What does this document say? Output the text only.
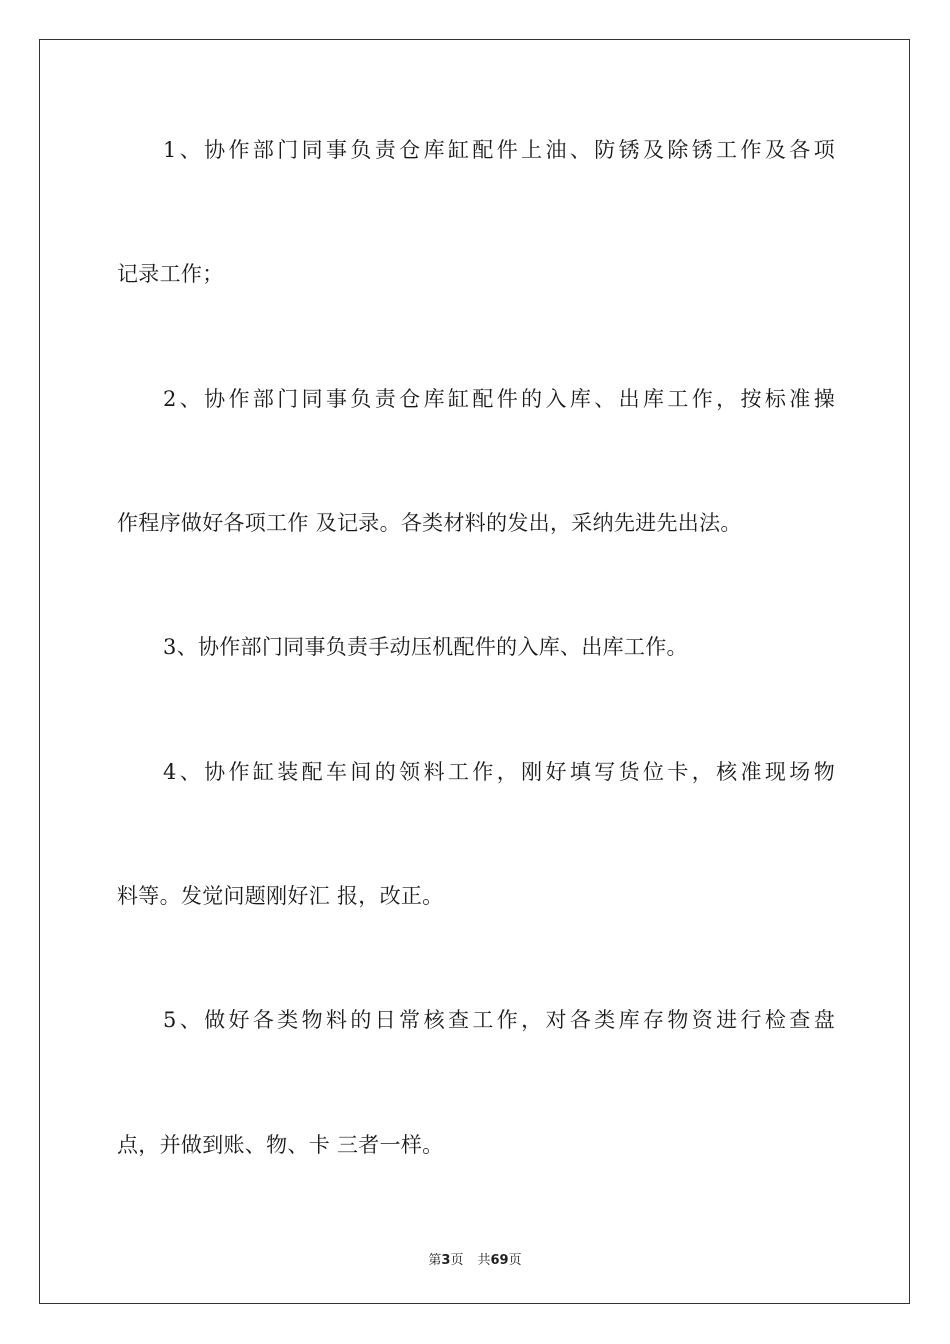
1、协作部门同事负责仓库缸配件上油、防锈及除锈工作及各项
记录工作；
2、协作部门同事负责仓库缸配件的入库、出库工作，按标准操
作程序做好各项工作 及记录。各类材料的发出，采纳先进先出法。
3、协作部门同事负责手动压机配件的入库、出库工作。
4、协作缸装配车间的领料工作，刚好填写货位卡，核准现场物
料等。发觉问题刚好汇 报，改正。
5、做好各类物料的日常核查工作，对各类库存物资进行检查盘
点，并做到账、物、卡 三者一样。
第3页 共69页
